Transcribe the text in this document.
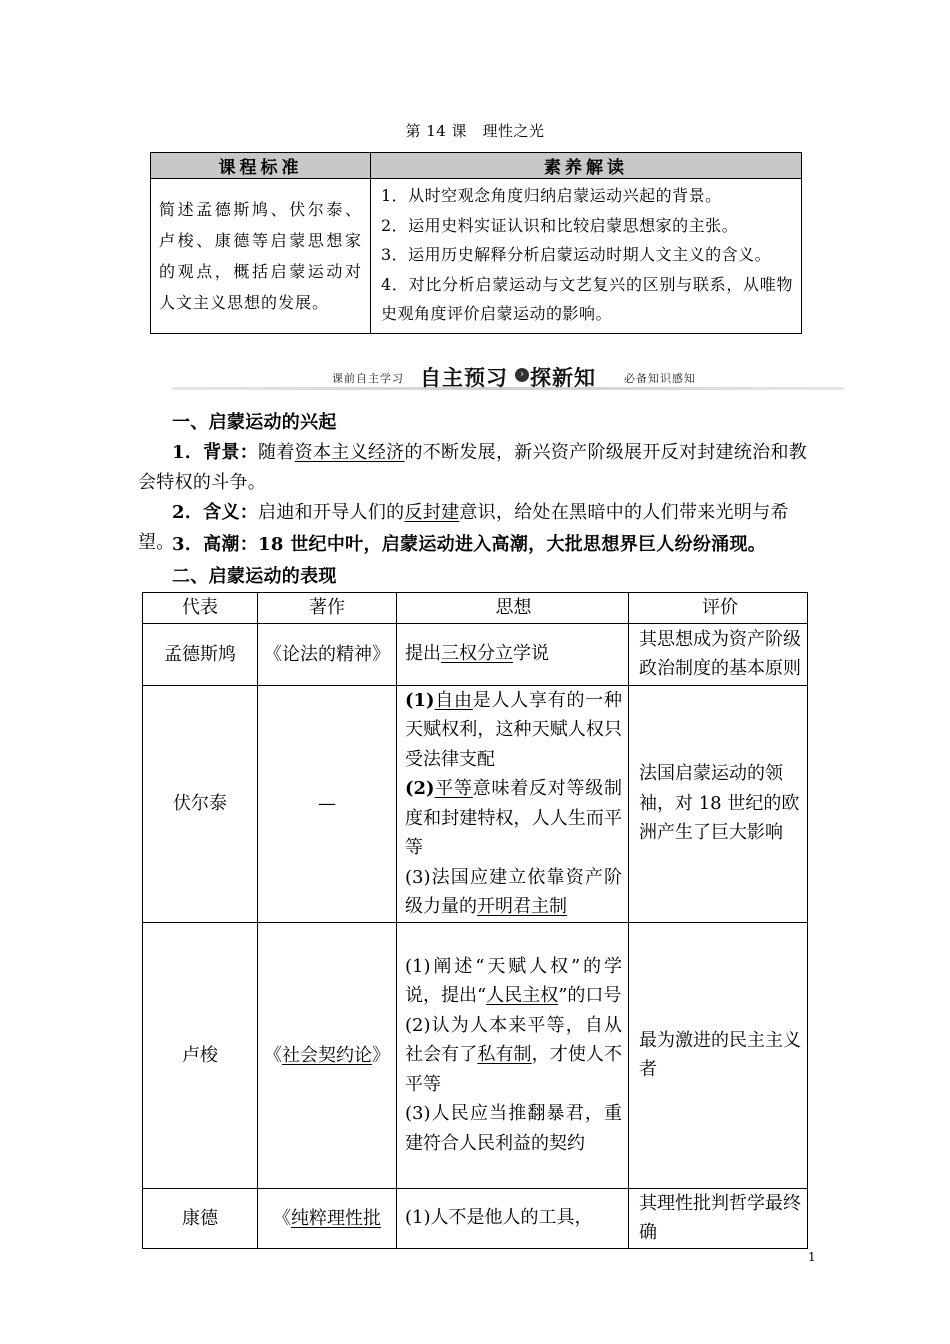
第 14 课　理性之光
课程标准	素养解读
简述孟德斯鸠、伏尔泰、卢梭、康德等启蒙思想家的观点，概括启蒙运动对人文主义思想的发展。	1．从时空观念角度归纳启蒙运动兴起的背景。
2．运用史料实证认识和比较启蒙思想家的主张。
3．运用历史解释分析启蒙运动时期人文主义的含义。
4．对比分析启蒙运动与文艺复兴的区别与联系，从唯物史观角度评价启蒙运动的影响。
课前自主学习 自主预习	› 探新知	必备知识感知
一、启蒙运动的兴起
1．背景：随着资本主义经济的不断发展，新兴资产阶级展开反对封建统治和教会特权的斗争。
2．含义：启迪和开导人们的反封建意识，给处在黑暗中的人们带来光明与希望。
3．高潮：18 世纪中叶，启蒙运动进入高潮，大批思想界巨人纷纷涌现。
二、启蒙运动的表现
代表	著作	思想	评价
孟德斯鸠	《论法的精神》	提出三权分立学说	其思想成为资产阶级政治制度的基本原则
伏尔泰	—	(1)自由是人人享有的一种天赋权利，这种天赋人权只受法律支配
(2)平等意味着反对等级制度和封建特权，人人生而平等
(3)法国应建立依靠资产阶级力量的开明君主制	法国启蒙运动的领袖，对 18 世纪的欧洲产生了巨大影响
卢梭	《社会契约论》	(1)阐述“天赋人权”的学说，提出“人民主权”的口号
(2)认为人本来平等，自从社会有了私有制，才使人不平等
(3)人民应当推翻暴君，重建符合人民利益的契约	最为激进的民主主义者
康德	《纯粹理性批	(1)人不是他人的工具，	其理性批判哲学最终确
1
